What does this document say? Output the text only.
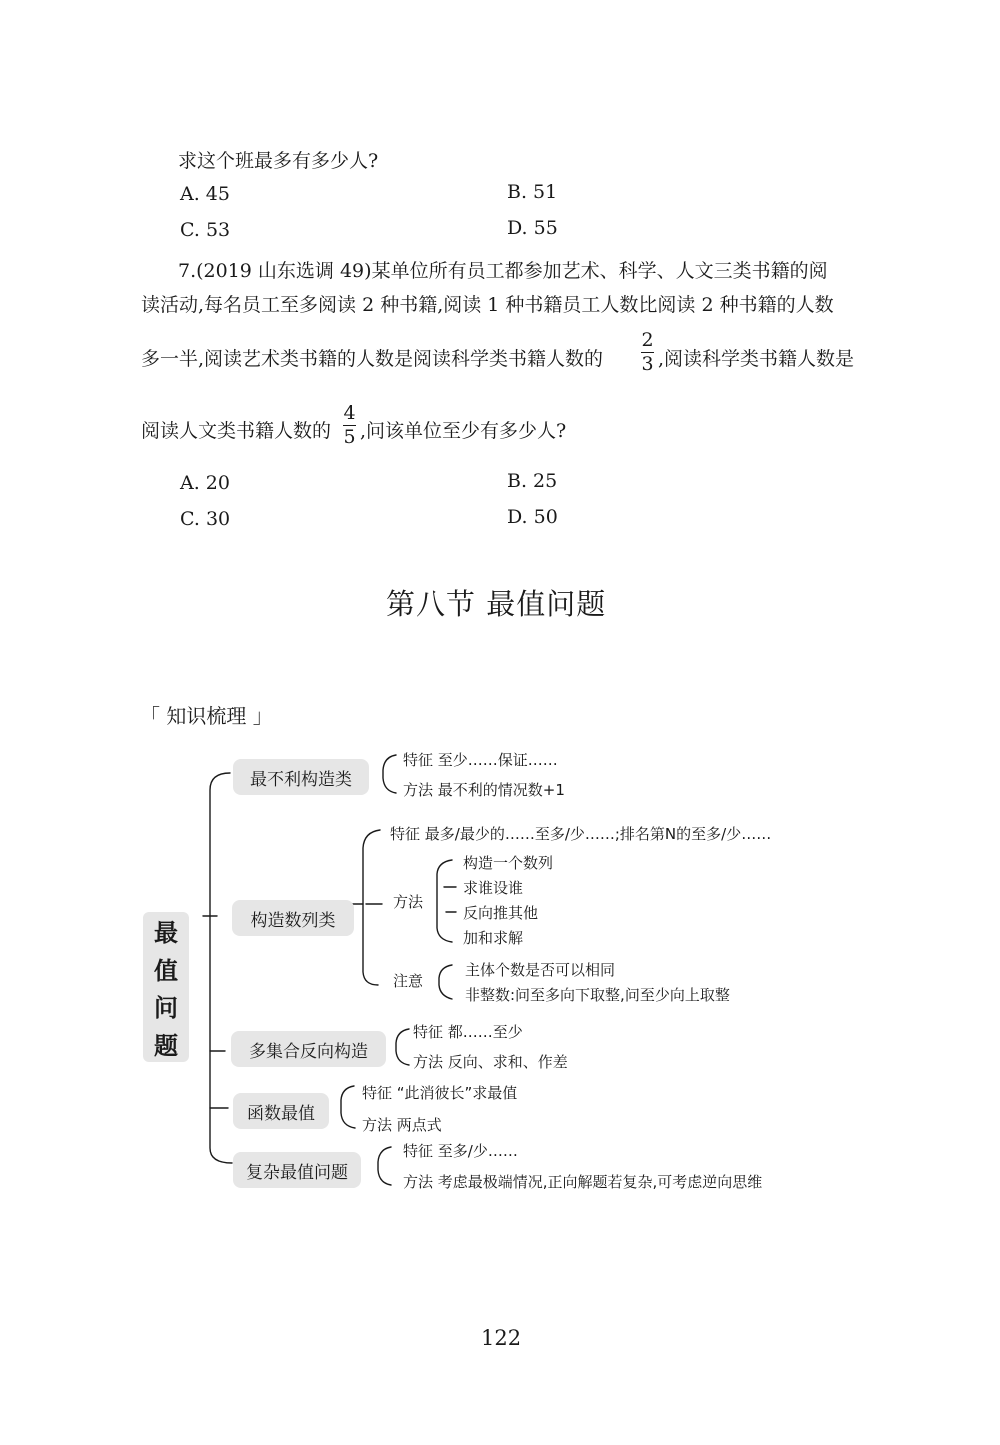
求这个班最多有多少人?
A. 45	B. 51
C. 53	D. 55
7.(2019 山东选调 49)某单位所有员工都参加艺术、科学、人文三类书籍的阅
读活动,每名员工至多阅读 2 种书籍,阅读 1 种书籍员工人数比阅读 2 种书籍的人数
多一半,阅读艺术类书籍的人数是阅读科学类书籍人数的
2
3 ,阅读科学类书籍人数是
阅读人文类书籍人数的
4
5 ,问该单位至少有多少人?
A. 20	B. 25
C. 30	D. 50
第八节 最值问题
「 知识梳理 」
最
值
问
题
最不利构造类
特征 至少……保证……
方法 最不利的情况数+1
构造数列类
特征 最多/最少的……至多/少……;排名第N的至多/少……
方法
构造一个数列
求谁设谁
反向推其他
加和求解
注意
主体个数是否可以相同
非整数:问至多向下取整,问至少向上取整
多集合反向构造
特征 都……至少
方法 反向、求和、作差
函数最值
特征 “此消彼长”求最值
方法 两点式
复杂最值问题
特征 至多/少……
方法 考虑最极端情况,正向解题若复杂,可考虑逆向思维
122
